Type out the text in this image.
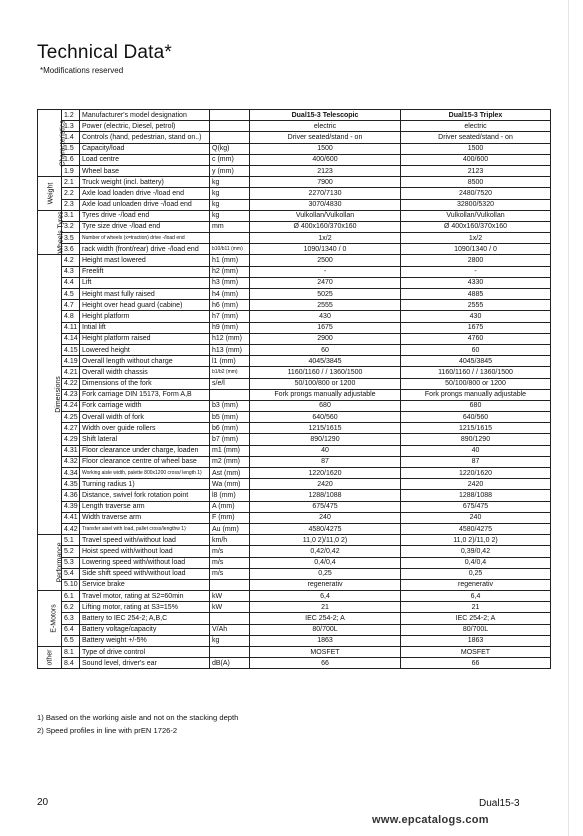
Technical Data*
*Modifications reserved
Characteristics	1.2	Manufacturer's model designation		Dual15-3 Telescopic	Dual15-3 Triplex
	1.3	Power (electric, Diesel, petrol)		electric	electric
	1.4	Controls (hand, pedestrian, stand on..)		Driver seated/stand - on	Driver seated/stand - on
	1.5	Capacity/load	Q(kg)	1500	1500
	1.6	Load centre	c (mm)	400/600	400/600
	1.9	Wheel base	y (mm)	2123	2123
Weight	2.1	Truck weight (incl. battery)	kg	7900	8500
	2.2	Axle load loaden drive -/load end	kg	2270/7130	2480/7520
	2.3	Axle load unloaden drive -/load end	kg	3070/4830	32800/5320
Wheels Tyres	3.1	Tyres drive -/load end	kg	Vulkollan/Vulkollan	Vulkollan/Vulkollan
	3.2	Tyre size drive -/load end	mm	Ø 400x160/370x160	Ø 400x160/370x160
	3.5	Number of wheels (x=traction) drive -/load end		1x/2	1x/2
	3.6	rack width (front/rear) drive -/load end	b10/b11 (mm)	1090/1340 / 0	1090/1340 / 0
Dimensions	4.2	Height mast lowered	h1 (mm)	2500	2800
	4.3	Freelift	h2 (mm)	-	-
	4.4	Lift	h3 (mm)	2470	4330
	4.5	Height mast fully raised	h4 (mm)	5025	4885
	4.7	Height over head guard (cabine)	h6 (mm)	2555	2555
	4.8	Height platform	h7 (mm)	430	430
	4.11	Intial lift	h9 (mm)	1675	1675
	4.14	Height platform raised	h12 (mm)	2900	4760
	4.15	Lowered height	h13 (mm)	60	60
	4.19	Overall length without charge	l1 (mm)	4045/3845	4045/3845
	4.21	Overall width chassis	b1/b2 (mm)	1160/1160 / / 1360/1500	1160/1160 / / 1360/1500
	4.22	Dimensions of the fork	s/e/l	50/100/800 or 1200	50/100/800 or 1200
	4.23	Fork carriage DIN 15173, Form A,B		Fork prongs manually adjustable	Fork prongs manually adjustable
	4.24	Fork carriage width	b3 (mm)	680	680
	4.25	Overall width of fork	b5 (mm)	640/560	640/560
	4.27	Width over guide rollers	b6 (mm)	1215/1615	1215/1615
	4.29	Shift lateral	b7 (mm)	890/1290	890/1290
	4.31	Floor clearance under charge, loaden	m1 (mm)	40	40
	4.32	Floor clearance centre of wheel base	m2 (mm)	87	87
	4.34	Working aisle width, palette 800x1200 cross/ length 1)	Ast (mm)	1220/1620	1220/1620
	4.35	Turning radius 1)	Wa (mm)	2420	2420
	4.36	Distance, swivel fork rotation point	l8 (mm)	1288/1088	1288/1088
	4.39	Length traverse arm	A (mm)	675/475	675/475
	4.41	Width traverse arm	F (mm)	240	240
	4.42	Transfer aisel with load, pallet cross/lengthw 1)	Au (mm)	4580/4275	4580/4275
Performance	5.1	Travel speed with/without load	km/h	11,0 2)/11,0 2)	11,0 2)/11,0 2)
	5.2	Hoist speed with/without load	m/s	0,42/0,42	0,39/0,42
	5.3	Lowering speed with/without load	m/s	0,4/0,4	0,4/0,4
	5.4	Side shift speed with/without load	m/s	0,25	0,25
	5.10	Service brake		regenerativ	regenerativ
E-Motors	6.1	Travel motor, rating at S2=60min	kW	6,4	6,4
	6.2	Lifting motor, rating at S3=15%	kW	21	21
	6.3	Battery to IEC 254-2; A,B,C		IEC 254-2; A	IEC 254-2; A
	6.4	Battery voltage/capacity	V/Ah	80/700L	80/700L
	6.5	Battery weight +/-5%	kg	1863	1863
other	8.1	Type of drive control		MOSFET	MOSFET
	8.4	Sound level, driver's ear	dB(A)	66	66
1) Based on the working aisle and not on the stacking depth
2) Speed profiles in line with prEN 1726-2
20	Dual15-3
www.epcatalogs.com
